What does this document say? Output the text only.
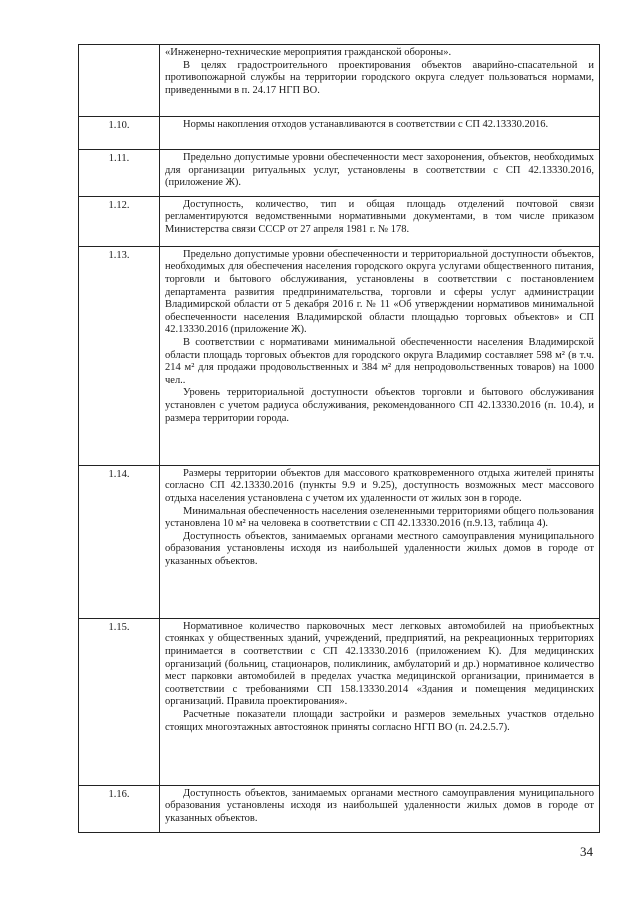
	«Инженерно-технические мероприятия гражданской обороны».

В целях градостроительного проектирования объектов аварийно-спасательной и противопожарной службы на территории городского округа следует пользоваться нормами, приведенными в п. 24.17 НГП ВО.

1.10.	Нормы накопления отходов устанавливаются в соответствии с СП 42.13330.2016.

1.11.	Предельно допустимые уровни обеспеченности мест захоронения, объектов, необходимых для организации ритуальных услуг, установлены в соответствии с СП 42.13330.2016, (приложение Ж).

1.12.	Доступность, количество, тип и общая площадь отделений почтовой связи регламентируются ведомственными нормативными документами, в том числе приказом Министерства связи СССР от 27 апреля 1981 г. № 178.

1.13.	Предельно допустимые уровни обеспеченности и территориальной доступности объектов, необходимых для обеспечения населения городского округа услугами общественного питания, торговли и бытового обслуживания, установлены в соответствии с постановлением департамента развития предпринимательства, торговли и сферы услуг администрации Владимирской области от 5 декабря 2016 г. № 11 «Об утверждении нормативов минимальной обеспеченности населения Владимирской области площадью торговых объектов» и СП 42.13330.2016 (приложение Ж).

В соответствии с нормативами минимальной обеспеченности населения Владимирской области площадь торговых объектов для городского округа Владимир составляет 598 м² (в т.ч. 214 м² для продажи продовольственных и 384 м² для непродовольственных товаров) на 1000 чел..

Уровень территориальной доступности объектов торговли и бытового обслуживания установлен с учетом радиуса обслуживания, рекомендованного СП 42.13330.2016 (п. 10.4), и размера территории города.

1.14.	Размеры территории объектов для массового кратковременного отдыха жителей приняты согласно СП 42.13330.2016 (пункты 9.9 и 9.25), доступность возможных мест массового отдыха населения установлена с учетом их удаленности от жилых зон в городе.

Минимальная обеспеченность населения озелененными территориями общего пользования установлена 10 м² на человека в соответствии с СП 42.13330.2016 (п.9.13, таблица 4).

Доступность объектов, занимаемых органами местного самоуправления муниципального образования установлены исходя из наибольшей удаленности жилых домов в городе от указанных объектов.

1.15.	Нормативное количество парковочных мест легковых автомобилей на приобъектных стоянках у общественных зданий, учреждений, предприятий, на рекреационных территориях принимается в соответствии с СП 42.13330.2016 (приложением К). Для медицинских организаций (больниц, стационаров, поликлиник, амбулаторий и др.) нормативное количество мест парковки автомобилей в пределах участка медицинской организации, принимается в соответствии с требованиями СП 158.13330.2014 «Здания и помещения медицинских организаций. Правила проектирования».

Расчетные показатели площади застройки и размеров земельных участков отдельно стоящих многоэтажных автостоянок приняты согласно НГП ВО (п. 24.2.5.7).

1.16.	Доступность объектов, занимаемых органами местного самоуправления муниципального образования установлены исходя из наибольшей удаленности жилых домов в городе от указанных объектов.

34
